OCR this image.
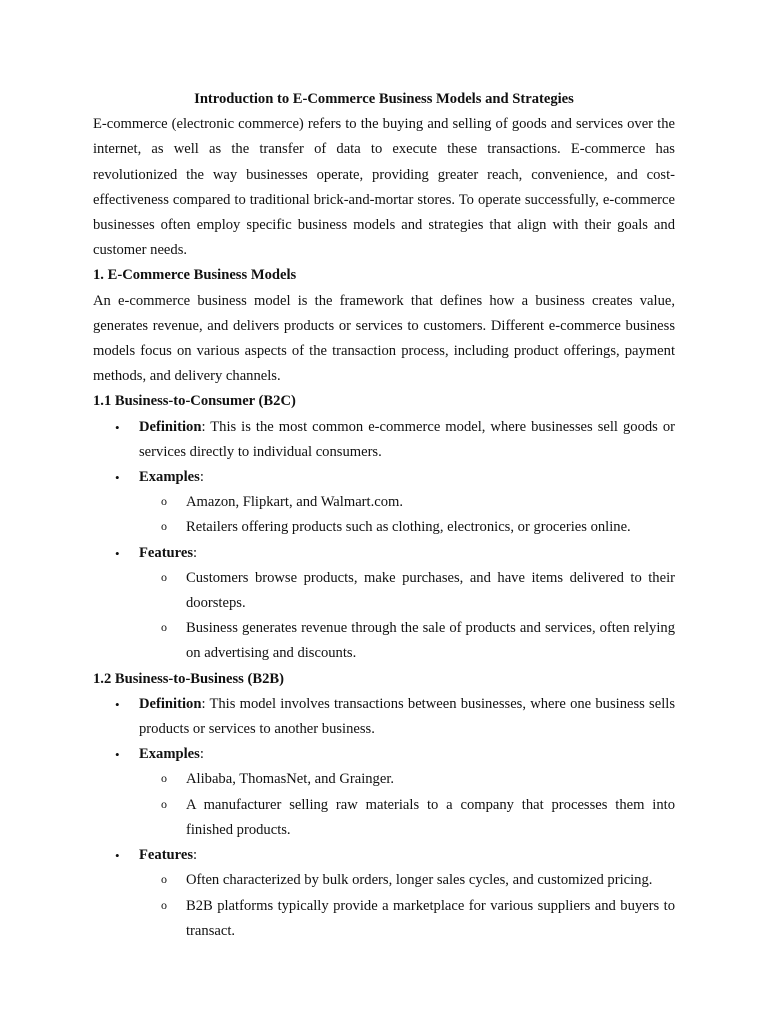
Introduction to E-Commerce Business Models and Strategies

E-commerce (electronic commerce) refers to the buying and selling of goods and services over the internet, as well as the transfer of data to execute these transactions. E-commerce has revolutionized the way businesses operate, providing greater reach, convenience, and cost-effectiveness compared to traditional brick-and-mortar stores. To operate successfully, e-commerce businesses often employ specific business models and strategies that align with their goals and customer needs.

1. E-Commerce Business Models

An e-commerce business model is the framework that defines how a business creates value, generates revenue, and delivers products or services to customers. Different e-commerce business models focus on various aspects of the transaction process, including product offerings, payment methods, and delivery channels.

1.1 Business-to-Consumer (B2C)

• Definition: This is the most common e-commerce model, where businesses sell goods or services directly to individual consumers.
• Examples:
o Amazon, Flipkart, and Walmart.com.
o Retailers offering products such as clothing, electronics, or groceries online.
• Features:
o Customers browse products, make purchases, and have items delivered to their doorsteps.
o Business generates revenue through the sale of products and services, often relying on advertising and discounts.

1.2 Business-to-Business (B2B)

• Definition: This model involves transactions between businesses, where one business sells products or services to another business.
• Examples:
o Alibaba, ThomasNet, and Grainger.
o A manufacturer selling raw materials to a company that processes them into finished products.
• Features:
o Often characterized by bulk orders, longer sales cycles, and customized pricing.
o B2B platforms typically provide a marketplace for various suppliers and buyers to transact.
